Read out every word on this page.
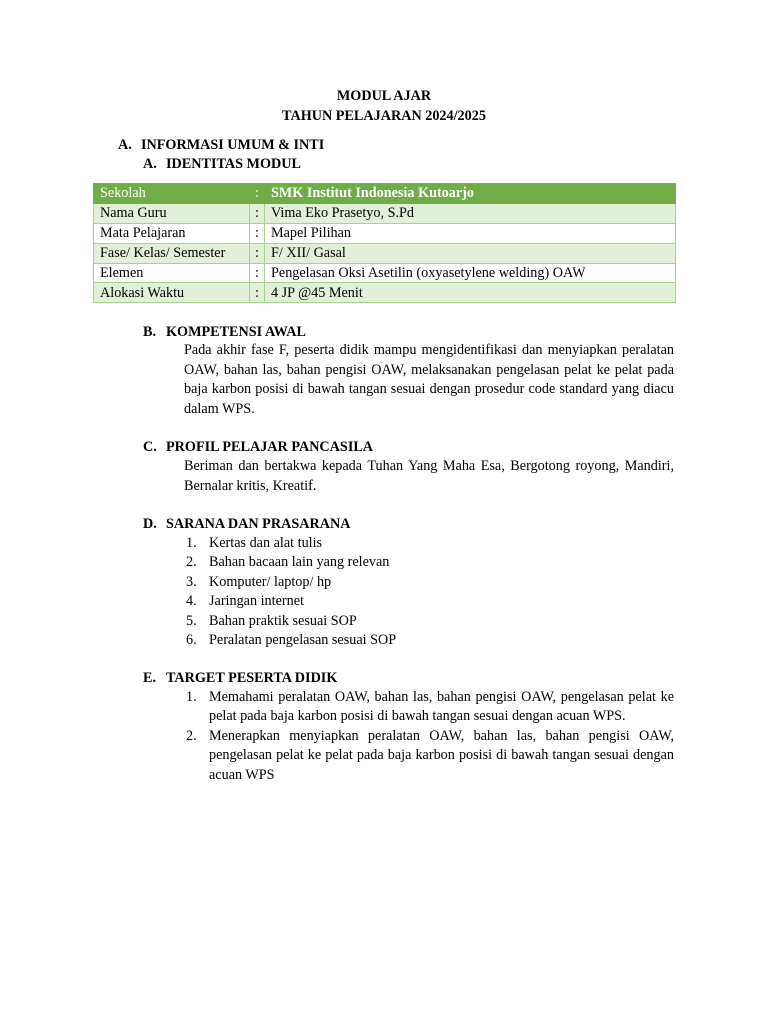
MODUL AJAR
TAHUN PELAJARAN 2024/2025
A. INFORMASI UMUM & INTI
A. IDENTITAS MODUL
Sekolah	:	SMK Institut Indonesia Kutoarjo
Nama Guru	:	Vima Eko Prasetyo, S.Pd
Mata Pelajaran	:	Mapel Pilihan
Fase/ Kelas/ Semester	:	F/ XII/ Gasal
Elemen	:	Pengelasan Oksi Asetilin (oxyasetylene welding) OAW
Alokasi Waktu	:	4 JP @45 Menit
B. KOMPETENSI AWAL
Pada akhir fase F, peserta didik mampu mengidentifikasi dan menyiapkan peralatan OAW, bahan las, bahan pengisi OAW, melaksanakan pengelasan pelat ke pelat pada baja karbon posisi di bawah tangan sesuai dengan prosedur code standard yang diacu dalam WPS.
C. PROFIL PELAJAR PANCASILA
Beriman dan bertakwa kepada Tuhan Yang Maha Esa, Bergotong royong, Mandiri, Bernalar kritis, Kreatif.
D. SARANA DAN PRASARANA
1. Kertas dan alat tulis
2. Bahan bacaan lain yang relevan
3. Komputer/ laptop/ hp
4. Jaringan internet
5. Bahan praktik sesuai SOP
6. Peralatan pengelasan sesuai SOP
E. TARGET PESERTA DIDIK
1. Memahami peralatan OAW, bahan las, bahan pengisi OAW, pengelasan pelat ke pelat pada baja karbon posisi di bawah tangan sesuai dengan acuan WPS.
2. Menerapkan menyiapkan peralatan OAW, bahan las, bahan pengisi OAW, pengelasan pelat ke pelat pada baja karbon posisi di bawah tangan sesuai dengan acuan WPS
